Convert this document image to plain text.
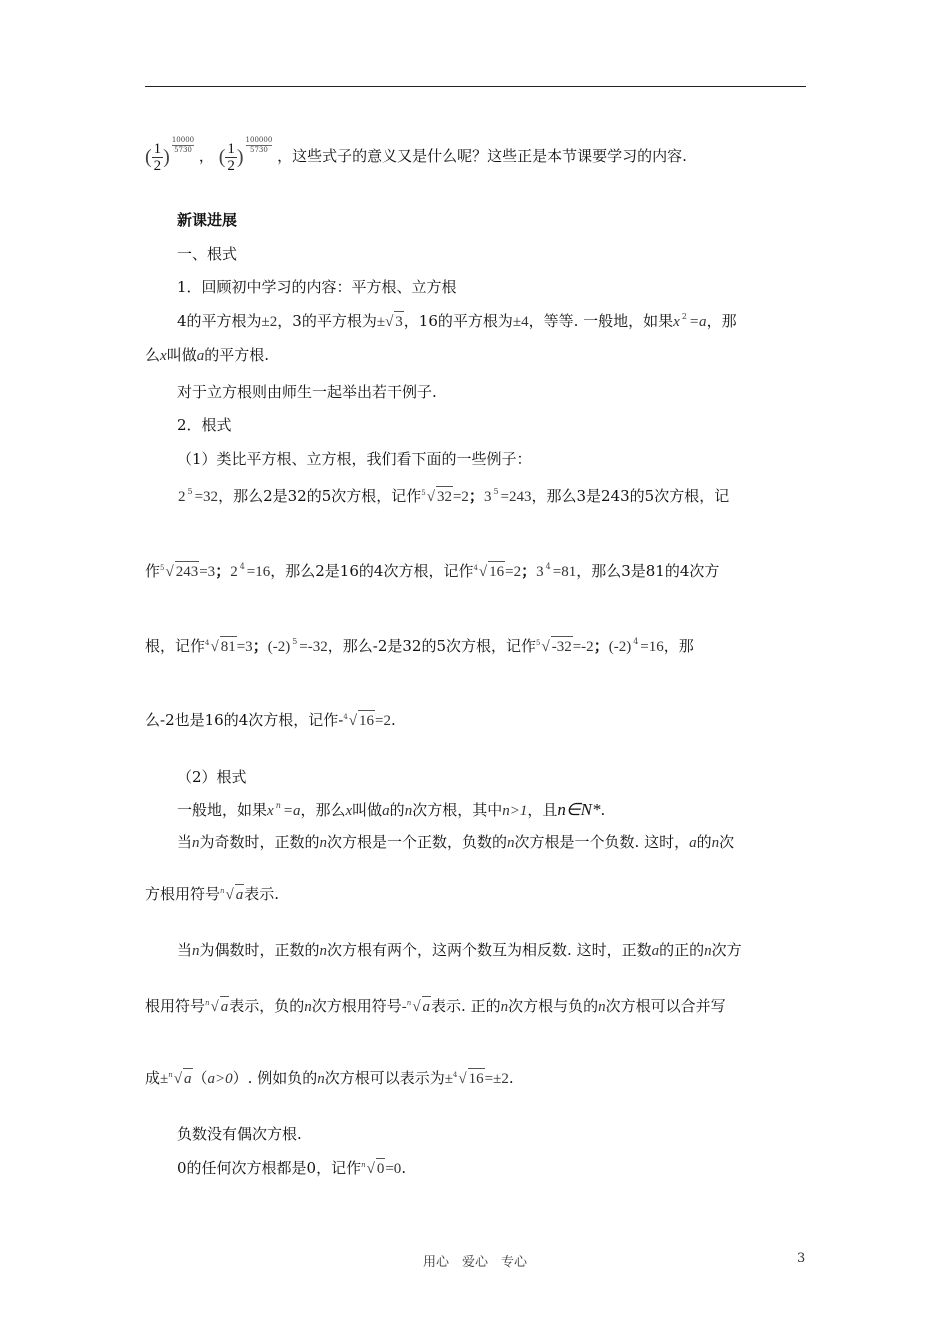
( $\frac{1}{2}$ )
$\frac{10000}{5730}$
， ( $\frac{1}{2}$ )
$\frac{100000}{5730}$
，这些式子的意义又是什么呢？这些正是本节课要学习的内容.
新课进展
一、根式
1．回顾初中学习的内容：平方根、立方根
4的平方根为±2，3的平方根为±√ 3，16的平方根为±4，等等. 一般地，如果x $^2$ =a，那
么x叫做a的平方根.
对于立方根则由师生一起举出若干例子.
2．根式
（1）类比平方根、立方根，我们看下面的一些例子：
2 $^5$ =32，那么2是32的5次方根，记作$^5$√ 32=2；3 $^5$ =243，那么3是243的5次方根，记
作$^5$√ 243=3；2 $^4$ =16，那么2是16的4次方根，记作$^4$√ 16=2；3 $^4$ =81，那么3是81的4次方
根，记作$^4$√ 81=3；(-2) $^5$ =-32，那么-2是32的5次方根，记作$^5$√ -32=-2；(-2) $^4$ =16，那
么-2也是16的4次方根，记作-$^4$√ 16=2.
（2）根式
一般地，如果x $^n$ =a，那么x叫做a的n次方根，其中n>1，且n∈N*.
当n为奇数时，正数的n次方根是一个正数，负数的n次方根是一个负数. 这时，a的n次
方根用符号$^n$√ a表示.
当n为偶数时，正数的n次方根有两个，这两个数互为相反数. 这时，正数a的正的n次方
根用符号$^n$√ a表示，负的n次方根用符号-$^n$√ a表示. 正的n次方根与负的n次方根可以合并写
成±$^n$√ a（a>0）. 例如负的n次方根可以表示为±$^4$√ 16=±2.
负数没有偶次方根.
0的任何次方根都是0，记作$^n$√ 0=0.
用心　爱心　专心	3
